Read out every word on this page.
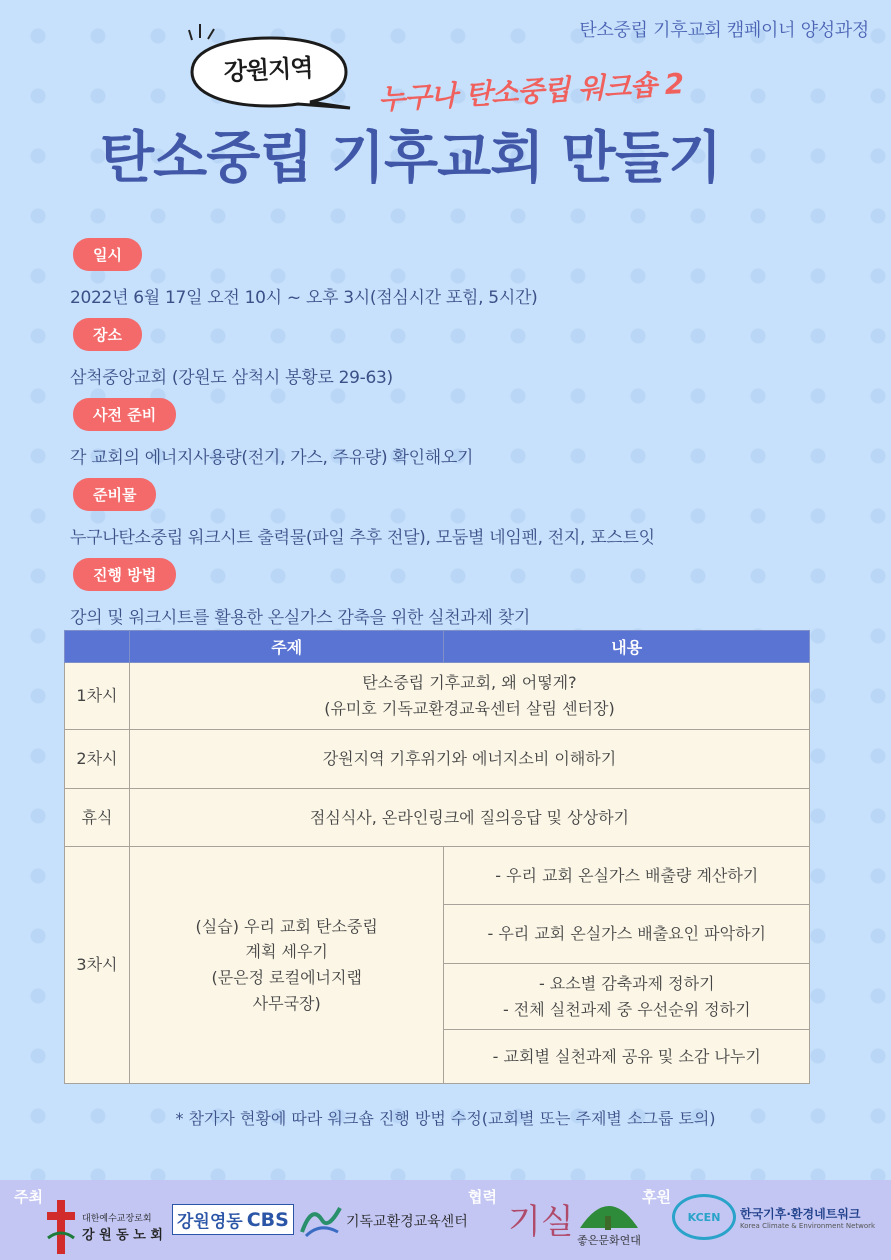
탄소중립 기후교회 캠페이너 양성과정
강원지역	누구나 탄소중립 워크숍 2
탄소중립 기후교회 만들기
일시
2022년 6월 17일 오전 10시 ~ 오후 3시(점심시간 포힘, 5시간)
장소
삼척중앙교회 (강원도 삼척시 봉황로 29-63)
사전 준비
각 교회의 에너지사용량(전기, 가스, 주유량) 확인해오기
준비물
누구나탄소중립 워크시트 출력물(파일 추후 전달), 모둠별 네임펜, 전지, 포스트잇
진행 방법
강의 및 워크시트를 활용한 온실가스 감축을 위한 실천과제 찾기
	주제	내용
1차시	탄소중립 기후교회, 왜 어떻게?
(유미호 기독교환경교육센터 살림 센터장)	

2차시	강원지역 기후위기와 에너지소비 이해하기	
휴식	점심식사, 온라인링크에 질의응답 및 상상하기	
3차시	(실습) 우리 교회 탄소중립
계획 세우기
(문은정 로컬에너지랩
사무국장)	- 우리 교회 온실가스 배출량 계산하기
		- 우리 교회 온실가스 배출요인 파악하기

		- 요소별 감축과제 정하기
- 전체 실천과제 중 우선순위 정하기

		- 교회별 실천과제 공유 및 소감 나누기
* 참가자 현황에 따라 워크숍 진행 방법 수정(교회별 또는 주제별 소그룹 토의)
주최	협력	후원
대한예수교장로회
강 원 동 노 회
강원영동 CBS	기독교환경교육센터 기실 좋은문화연대
KCEN	한국기후·환경네트워크
Korea Climate & Environment Network
